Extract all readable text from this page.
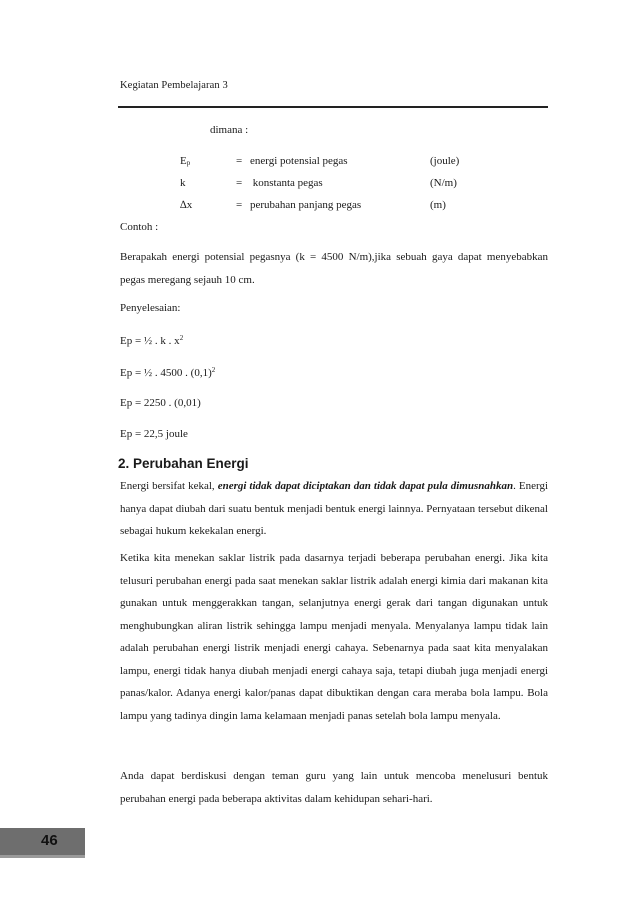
Kegiatan Pembelajaran 3
dimana :
$E_p$	= energi potensial pegas	(joule)
k	= konstanta pegas	(N/m)
∆x	= perubahan panjang pegas	(m)
Contoh :

Berapakah energi potensial pegasnya (k = 4500 N/m),jika sebuah gaya dapat menyebabkan pegas meregang sejauh 10 cm.

Penyelesaian:
Ep = ½ . k . $x^2$
Ep = ½ . 4500 . $(0,1)^2$
Ep = 2250 . (0,01)
Ep = 22,5 joule
2. Perubahan Energi

Energi bersifat kekal, energi tidak dapat diciptakan dan tidak dapat pula dimusnahkan. Energi hanya dapat diubah dari suatu bentuk menjadi bentuk energi lainnya. Pernyataan tersebut dikenal sebagai hukum kekekalan energi.

Ketika kita menekan saklar listrik pada dasarnya terjadi beberapa perubahan energi. Jika kita telusuri perubahan energi pada saat menekan saklar listrik adalah energi kimia dari makanan kita gunakan untuk menggerakkan tangan, selanjutnya energi gerak dari tangan digunakan untuk menghubungkan aliran listrik sehingga lampu menjadi menyala. Menyalanya lampu tidak lain adalah perubahan energi listrik menjadi energi cahaya. Sebenarnya pada saat kita menyalakan lampu, energi tidak hanya diubah menjadi energi cahaya saja, tetapi diubah juga menjadi energi panas/kalor. Adanya energi kalor/panas dapat dibuktikan dengan cara meraba bola lampu. Bola lampu yang tadinya dingin lama kelamaan menjadi panas setelah bola lampu menyala.

Anda dapat berdiskusi dengan teman guru yang lain untuk mencoba menelusuri bentuk perubahan energi pada beberapa aktivitas dalam kehidupan sehari-hari.

46
